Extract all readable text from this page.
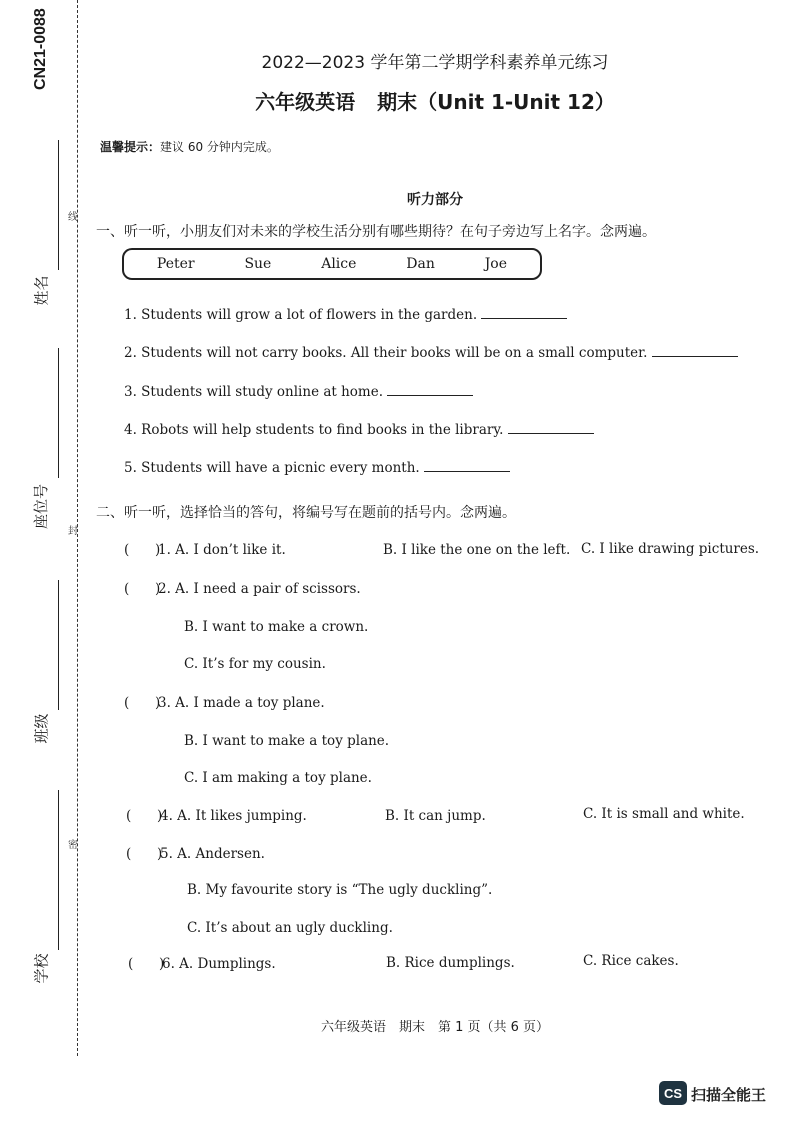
CN21-0088
姓名
座位号
班级
学校
线
封
密
2022—2023 学年第二学期学科素养单元练习
六年级英语 期末（Unit 1-Unit 12）
温馨提示：建议 60 分钟内完成。
听力部分
一、听一听，小朋友们对未来的学校生活分别有哪些期待？在句子旁边写上名字。念两遍。
Peter	Sue	Alice	Dan	Joe
1. Students will grow a lot of flowers in the garden.
2. Students will not carry books. All their books will be on a small computer.
3. Students will study online at home.
4. Robots will help students to find books in the library.
5. Students will have a picnic every month.
二、听一听，选择恰当的答句，将编号写在题前的括号内。念两遍。
(      )1. A. I don’t like it.	B. I like the one on the left. C. I like drawing pictures.
(      )2. A. I need a pair of scissors.
B. I want to make a crown.
C. It’s for my cousin.
(      )3. A. I made a toy plane.
B. I want to make a toy plane.
C. I am making a toy plane.
(      )4. A. It likes jumping.	B. It can jump.	C. It is small and white.
(      )5. A. Andersen.
B. My favourite story is “The ugly duckling”.
C. It’s about an ugly duckling.
(      )6. A. Dumplings.	B. Rice dumplings.	C. Rice cakes.
六年级英语　期末　第 1 页（共 6 页）
CS 扫描全能王
